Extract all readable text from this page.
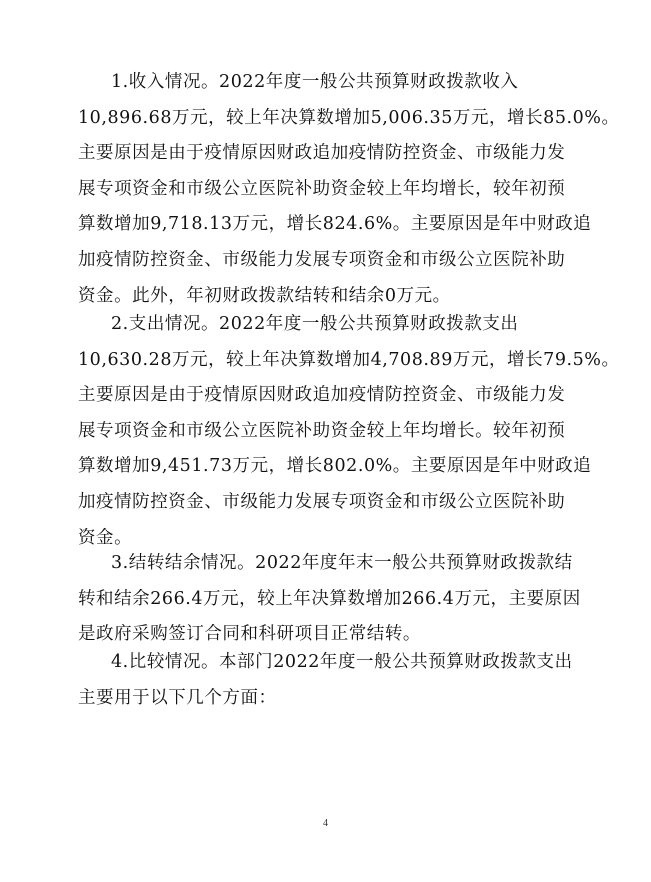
1.收入情况。2022年度一般公共预算财政拨款收入
10,896.68万元，较上年决算数增加5,006.35万元，增长85.0%。
主要原因是由于疫情原因财政追加疫情防控资金、市级能力发
展专项资金和市级公立医院补助资金较上年均增长，较年初预
算数增加9,718.13万元，增长824.6%。主要原因是年中财政追
加疫情防控资金、市级能力发展专项资金和市级公立医院补助
资金。此外，年初财政拨款结转和结余0万元。
2.支出情况。2022年度一般公共预算财政拨款支出
10,630.28万元，较上年决算数增加4,708.89万元，增长79.5%。
主要原因是由于疫情原因财政追加疫情防控资金、市级能力发
展专项资金和市级公立医院补助资金较上年均增长。较年初预
算数增加9,451.73万元，增长802.0%。主要原因是年中财政追
加疫情防控资金、市级能力发展专项资金和市级公立医院补助
资金。
3.结转结余情况。2022年度年末一般公共预算财政拨款结
转和结余266.4万元，较上年决算数增加266.4万元，主要原因
是政府采购签订合同和科研项目正常结转。
4.比较情况。本部门2022年度一般公共预算财政拨款支出
主要用于以下几个方面：
4
